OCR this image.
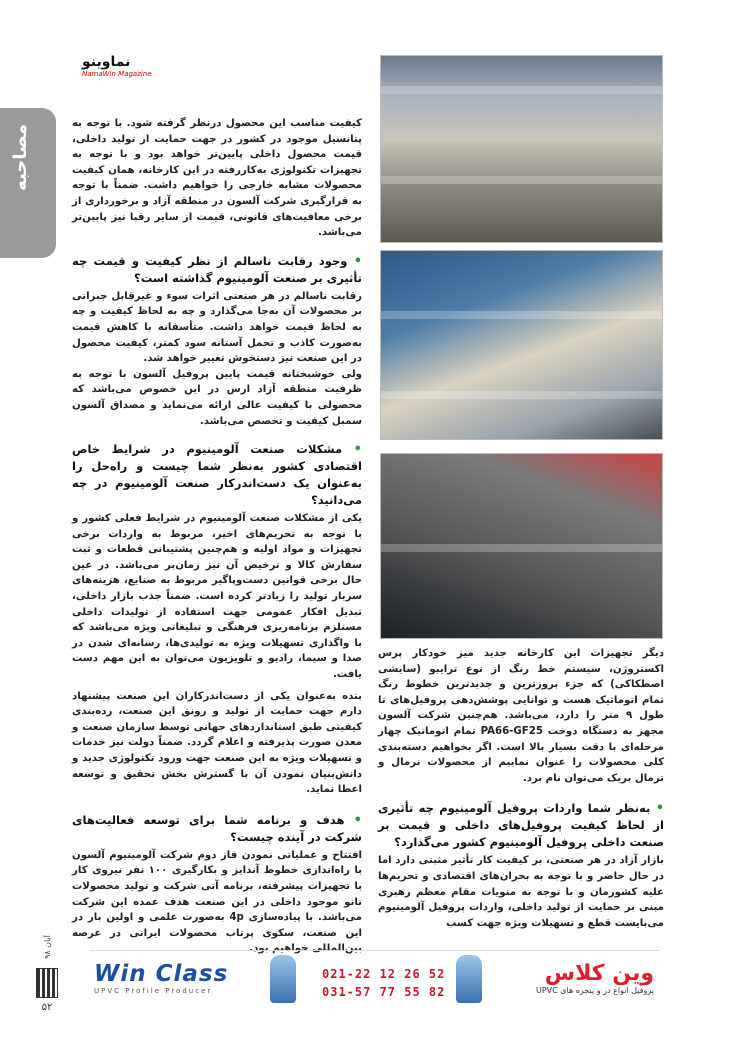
نماوینو
NamaWin Magazine
مصاحبه

کیفیت مناسب این محصول درنظر گرفته شود. با توجه به پتانسیل موجود در کشور در جهت حمایت از تولید داخلی، قیمت محصول داخلی پایین‌تر خواهد بود و با توجه به تجهیزات تکنولوژی به‌کاررفته در این کارخانه، همان کیفیت محصولات مشابه خارجی را خواهیم داشت. ضمناً با توجه به قرارگیری شرکت آلسون در منطقه آزاد و برخورداری از برخی معافیت‌های قانونی، قیمت از سایر رقبا نیز پایین‌تر می‌باشد.

• وجود رقابت ناسالم از نظر کیفیت و قیمت چه تأثیری بر صنعت آلومینیوم گذاشته است؟

رقابت ناسالم در هر صنعتی اثرات سوء و غیرقابل جبرانی بر محصولات آن به‌جا می‌گذارد و چه به لحاظ کیفیت و چه به لحاظ قیمت خواهد داشت. متأسفانه با کاهش قیمت به‌صورت کاذب و تحمل آستانه سود کمتر، کیفیت محصول در این صنعت نیز دستخوش تغییر خواهد شد.

ولی خوشبختانه قیمت پایین پروفیل آلسون با توجه به ظرفیت منطقه آزاد ارس در این خصوص می‌باشد که محصولی با کیفیت عالی ارائه می‌نماید و مصداق آلسون سمبل کیفیت و تخصص می‌باشد.

• مشکلات صنعت آلومینیوم در شرایط خاص اقتصادی کشور به‌نظر شما چیست و راه‌حل را به‌عنوان یک دست‌اندرکار صنعت آلومینیوم در چه می‌دانید؟

یکی از مشکلات صنعت آلومینیوم در شرایط فعلی کشور و با توجه به تحریم‌های اخیر، مربوط به واردات برخی تجهیزات و مواد اولیه و هم‌چنین پشتیبانی قطعات و ثبت سفارش کالا و ترخیص آن نیز زمان‌بر می‌باشد. در عین حال برخی قوانین دست‌وپاگیر مربوط به صنایع، هزینه‌های سربار تولید را زیادتر کرده است. ضمناً جذب بازار داخلی، تبدیل افکار عمومی جهت استفاده از تولیدات داخلی مستلزم برنامه‌ریزی فرهنگی و تبلیغاتی ویژه می‌باشد که با واگذاری تسهیلات ویژه به تولیدی‌ها، رسانه‌ای شدن در صدا و سیما، رادیو و تلویزیون می‌توان به این مهم دست یافت.

بنده به‌عنوان یکی از دست‌اندرکاران این صنعت پیشنهاد دارم جهت حمایت از تولید و رونق این صنعت، رده‌بندی کیفیتی طبق استانداردهای جهانی توسط سازمان صنعت و معدن صورت پذیرفته و اعلام گردد. ضمناً دولت نیز خدمات و تسهیلات ویژه به این صنعت جهت ورود تکنولوژی جدید و دانش‌بنیان نمودن آن با گسترش بخش تحقیق و توسعه اعطا نماید.

• هدف و برنامه شما برای توسعه فعالیت‌های شرکت در آینده چیست؟

افتتاح و عملیاتی نمودن فاز دوم شرکت آلومینیوم آلسون با راه‌اندازی خطوط آندایز و بکارگیری ۱۰۰ نفر نیروی کار با تجهیزات پیشرفته، برنامه آتی شرکت و تولید محصولات نانو موجود داخلی در این صنعت هدف عمده این شرکت می‌باشد. با پیاده‌سازی 4p به‌صورت علمی و اولین بار در این صنعت، سکوی پرتاب محصولات ایرانی در عرصه بین‌المللی خواهیم بود.

دیگر تجهیزات این کارخانه جدید میز خودکار پرس اکستروژن، سیستم خط رنگ از نوع ترایبو (سایشی اصطکاکی) که جزء بروزترین و جدیدترین خطوط رنگ تمام اتوماتیک هست و توانایی پوشش‌دهی پروفیل‌های تا طول ۹ متر را دارد، می‌باشد. هم‌چنین شرکت آلسون مجهز به دستگاه دوخت PA66-GF25 تمام اتوماتیک چهار مرحله‌ای با دقت بسیار بالا است. اگر بخواهیم دسته‌بندی کلی محصولات را عنوان نماییم از محصولات نرمال و ترمال بریک می‌توان نام برد.

• به‌نظر شما واردات پروفیل آلومینیوم چه تأثیری از لحاظ کیفیت پروفیل‌های داخلی و قیمت بر صنعت داخلی پروفیل آلومینیوم کشور می‌گذارد؟

بازار آزاد در هر صنعتی، بر کیفیت کار تأثیر مثبتی دارد اما در حال حاضر و با توجه به بحران‌های اقتصادی و تحریم‌ها علیه کشورمان و با توجه به منویات مقام معظم رهبری مبنی بر حمایت از تولید داخلی، واردات پروفیل آلومینیوم می‌بایست قطع و تسهیلات ویژه جهت کسب

آبان ۹۸
۵۲
Win Class
UPVC Profile Producer
021-22 12 26 52
031-57 77 55 82
وین کلاس
پروفیل انواع در و پنجره های UPVC
